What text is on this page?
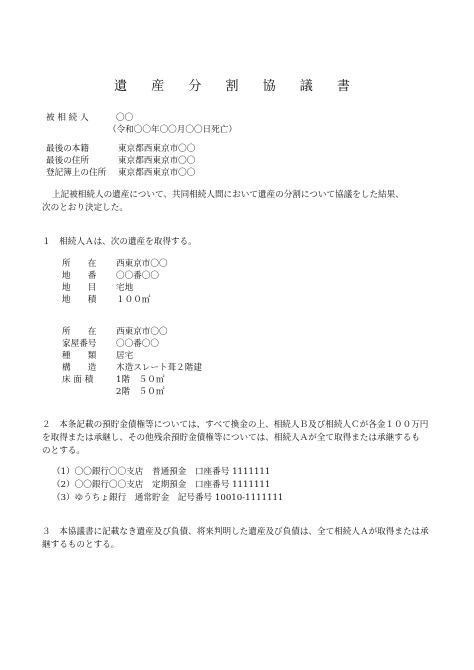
遺 産 分 割 協 議 書
被 相 続 人	〇〇
（令和〇〇年〇〇月〇〇日死亡）
最後の本籍	東京都西東京市〇〇
最後の住所	東京都西東京市〇〇
登記簿上の住所 東京都西東京市〇〇
上記被相続人の遺産について、共同相続人間において遺産の分割について協議をした結果、
次のとおり決定した。
１　相続人Ａは、次の遺産を取得する。
所　　在 西東京市〇〇
地　　番 〇〇番〇〇
地　　目 宅地
地　　積 １００㎡
所　　在 西東京市〇〇
家屋番号 〇〇番〇〇
種　　類 居宅
構　　造 木造スレート葺２階建
床 面 積	1階　５０㎡
2階　５０㎡
２　本条記載の預貯金債権等については、すべて換金の上、相続人Ｂ及び相続人Ｃが各金１００万円
を取得または承継し、その他残余預貯金債権等については、相続人Ａが全て取得または承継するも
のとする。
（1）〇〇銀行〇〇支店　普通預金　口座番号 1111111
（2）〇〇銀行〇〇支店　定期預金　口座番号 1111111
（3）ゆうちょ銀行　通常貯金　記号番号 10010-1111111
３　本協議書に記載なき遺産及び負債、将来判明した遺産及び負債は、全て相続人Ａが取得または承
継するものとする。
